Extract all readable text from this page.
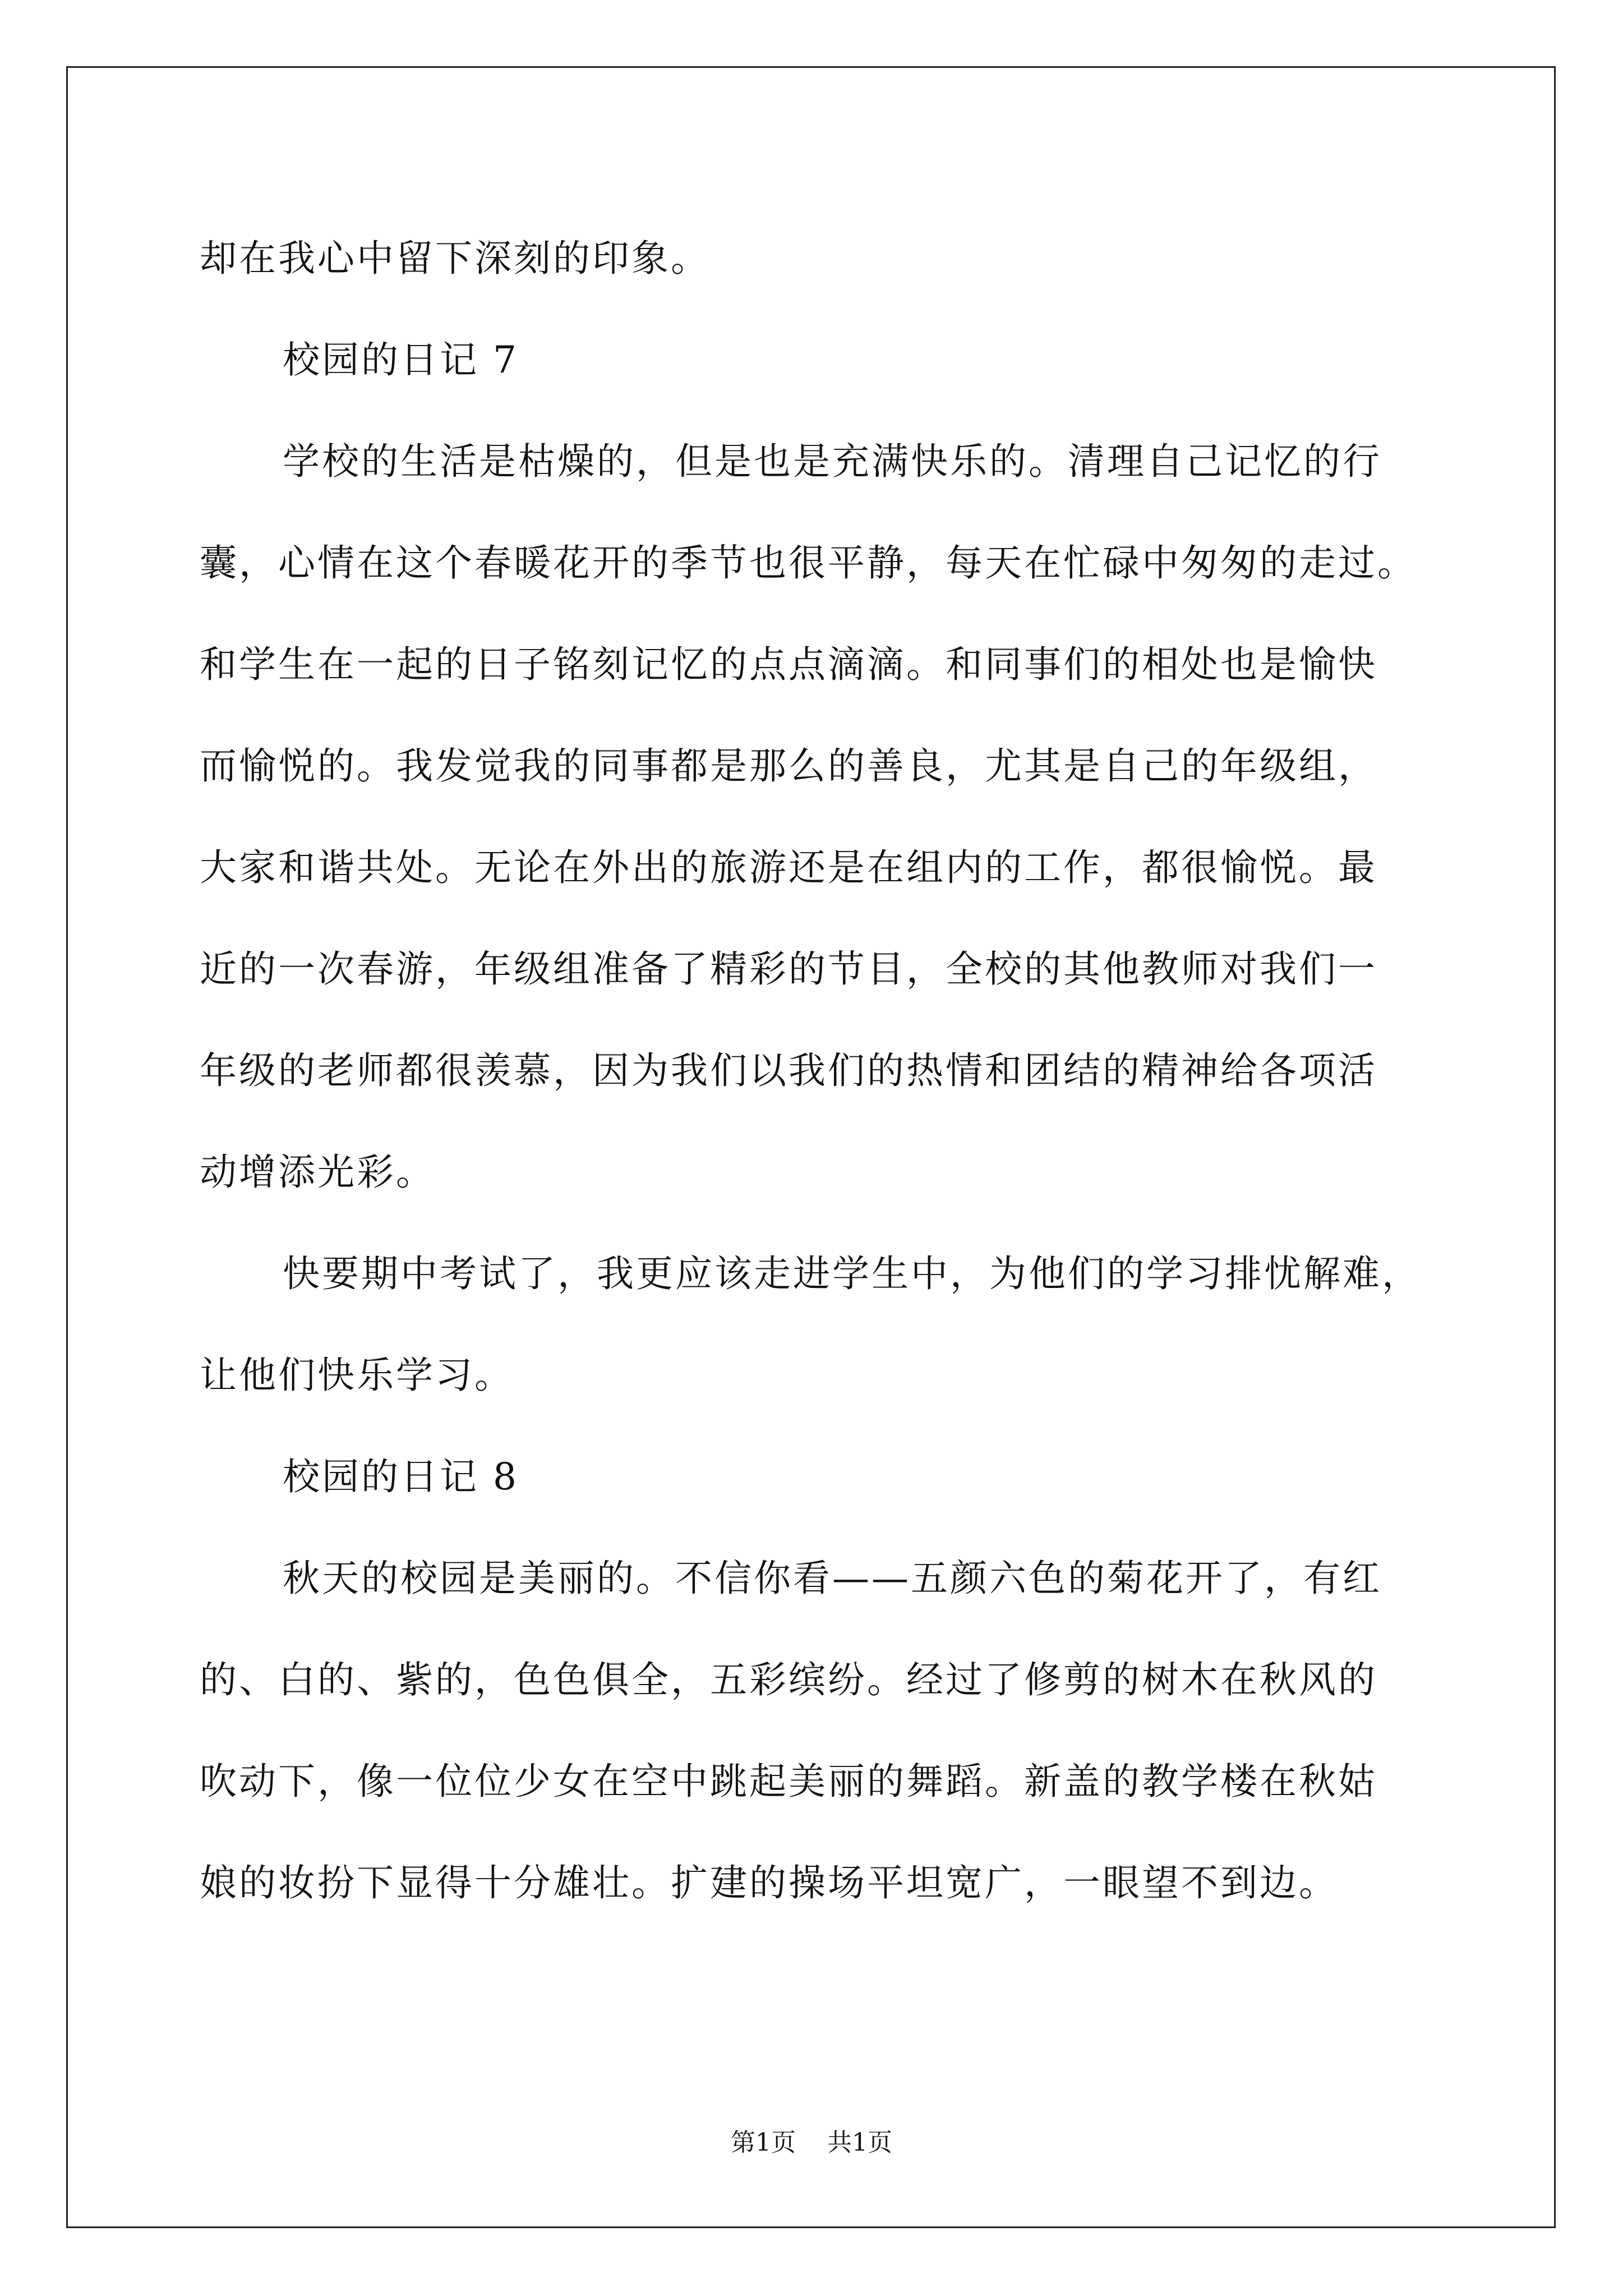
却在我心中留下深刻的印象。
校园的日记 7
学校的生活是枯燥的，但是也是充满快乐的。清理自己记忆的行
囊，心情在这个春暖花开的季节也很平静，每天在忙碌中匆匆的走过。
和学生在一起的日子铭刻记忆的点点滴滴。和同事们的相处也是愉快
而愉悦的。我发觉我的同事都是那么的善良，尤其是自己的年级组，
大家和谐共处。无论在外出的旅游还是在组内的工作，都很愉悦。最
近的一次春游，年级组准备了精彩的节目，全校的其他教师对我们一
年级的老师都很羡慕，因为我们以我们的热情和团结的精神给各项活
动增添光彩。
快要期中考试了，我更应该走进学生中，为他们的学习排忧解难，
让他们快乐学习。
校园的日记 8
秋天的校园是美丽的。不信你看——五颜六色的菊花开了，有红
的、白的、紫的，色色俱全，五彩缤纷。经过了修剪的树木在秋风的
吹动下，像一位位少女在空中跳起美丽的舞蹈。新盖的教学楼在秋姑
娘的妆扮下显得十分雄壮。扩建的操场平坦宽广，一眼望不到边。
第1页 共1页
